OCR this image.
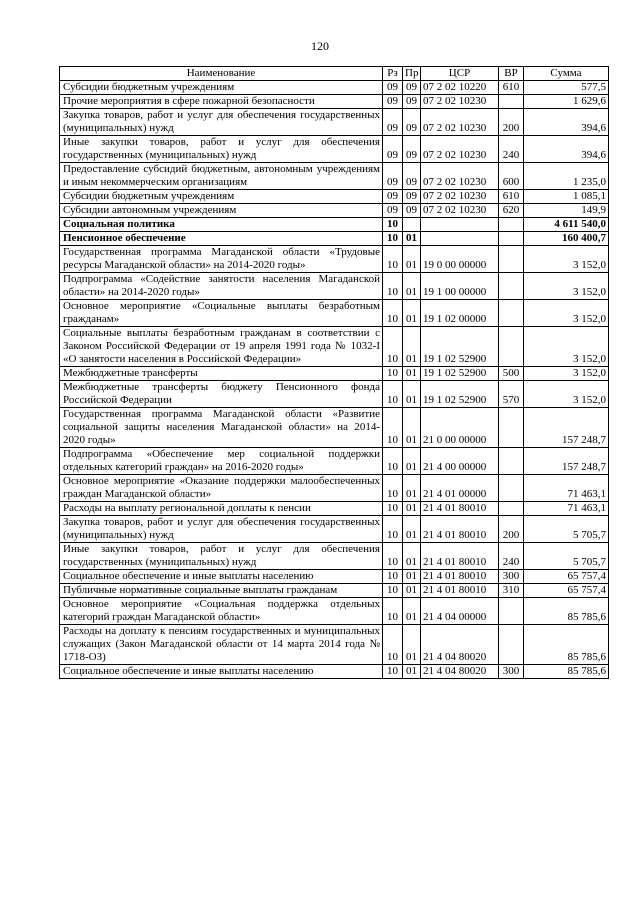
120
Наименование	Рз	Пр	ЦСР	ВР	Сумма
Субсидии бюджетным учреждениям	09	09	07 2 02 10220	610	577,5
Прочие мероприятия в сфере пожарной безопасности	09	09	07 2 02 10230		1 629,6
Закупка товаров, работ и услуг для обеспечения государственных (муниципальных) нужд	09	09	07 2 02 10230	200	394,6
Иные закупки товаров, работ и услуг для обеспечения государственных (муниципальных) нужд	09	09	07 2 02 10230	240	394,6
Предоставление субсидий бюджетным, автономным учреждениям и иным некоммерческим организациям	09	09	07 2 02 10230	600	1 235,0
Субсидии бюджетным учреждениям	09	09	07 2 02 10230	610	1 085,1
Субсидии автономным учреждениям	09	09	07 2 02 10230	620	149,9
Социальная политика	10				4 611 540,0
Пенсионное обеспечение	10	01			160 400,7
Государственная программа Магаданской области «Трудовые ресурсы Магаданской области» на 2014-2020 годы»	10	01	19 0 00 00000		3 152,0
Подпрограмма «Содействие занятости населения Магаданской области» на 2014-2020 годы»	10	01	19 1 00 00000		3 152,0
Основное мероприятие «Социальные выплаты безработным гражданам»	10	01	19 1 02 00000		3 152,0
Социальные выплаты безработным гражданам в соответствии с Законом Российской Федерации от 19 апреля 1991 года № 1032-I «О занятости населения в Российской Федерации»	10	01	19 1 02 52900		3 152,0
Межбюджетные трансферты	10	01	19 1 02 52900	500	3 152,0
Межбюджетные трансферты бюджету Пенсионного фонда Российской Федерации	10	01	19 1 02 52900	570	3 152,0
Государственная программа Магаданской области «Развитие социальной защиты населения Магаданской области» на 2014-2020 годы»	10	01	21 0 00 00000		157 248,7
Подпрограмма «Обеспечение мер социальной поддержки отдельных категорий граждан» на 2016-2020 годы»	10	01	21 4 00 00000		157 248,7
Основное мероприятие «Оказание поддержки малообеспеченных граждан Магаданской области»	10	01	21 4 01 00000		71 463,1
Расходы на выплату региональной доплаты к пенсии	10	01	21 4 01 80010		71 463,1
Закупка товаров, работ и услуг для обеспечения государственных (муниципальных) нужд	10	01	21 4 01 80010	200	5 705,7
Иные закупки товаров, работ и услуг для обеспечения государственных (муниципальных) нужд	10	01	21 4 01 80010	240	5 705,7
Социальное обеспечение и иные выплаты населению	10	01	21 4 01 80010	300	65 757,4
Публичные нормативные социальные выплаты гражданам	10	01	21 4 01 80010	310	65 757,4
Основное мероприятие «Социальная поддержка отдельных категорий граждан Магаданской области»	10	01	21 4 04 00000		85 785,6
Расходы на доплату к пенсиям государственных и муниципальных служащих (Закон Магаданской области от 14 марта 2014 года № 1718-ОЗ)	10	01	21 4 04 80020		85 785,6
Социальное обеспечение и иные выплаты населению	10	01	21 4 04 80020	300	85 785,6
